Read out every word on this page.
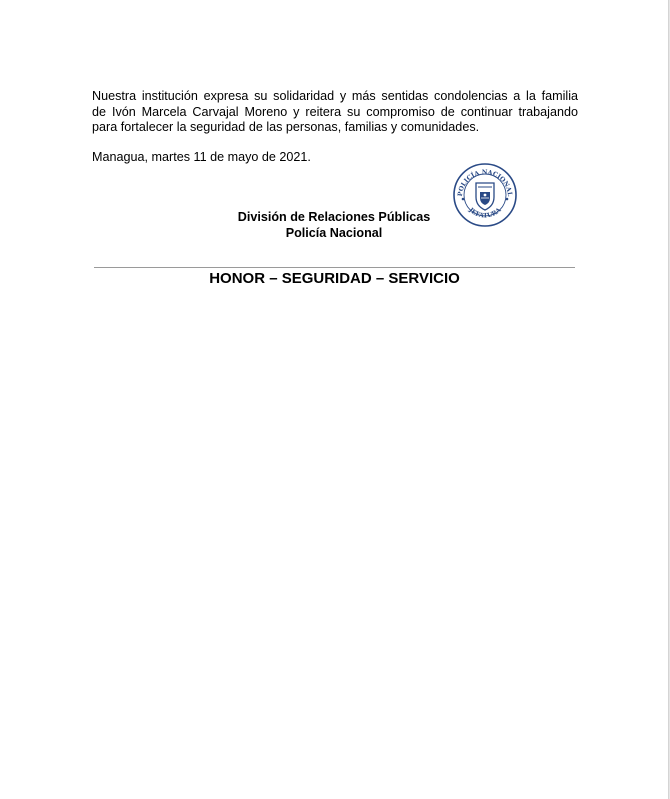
Nuestra institución expresa su solidaridad y más sentidas condolencias a la familia
de Ivón Marcela Carvajal Moreno y reitera su compromiso de continuar trabajando
para fortalecer la seguridad de las personas, familias y comunidades.
Managua, martes 11 de mayo de 2021.
POLICÍA NACIONAL
JEFATURA
División de Relaciones Públicas
Policía Nacional
HONOR – SEGURIDAD – SERVICIO
